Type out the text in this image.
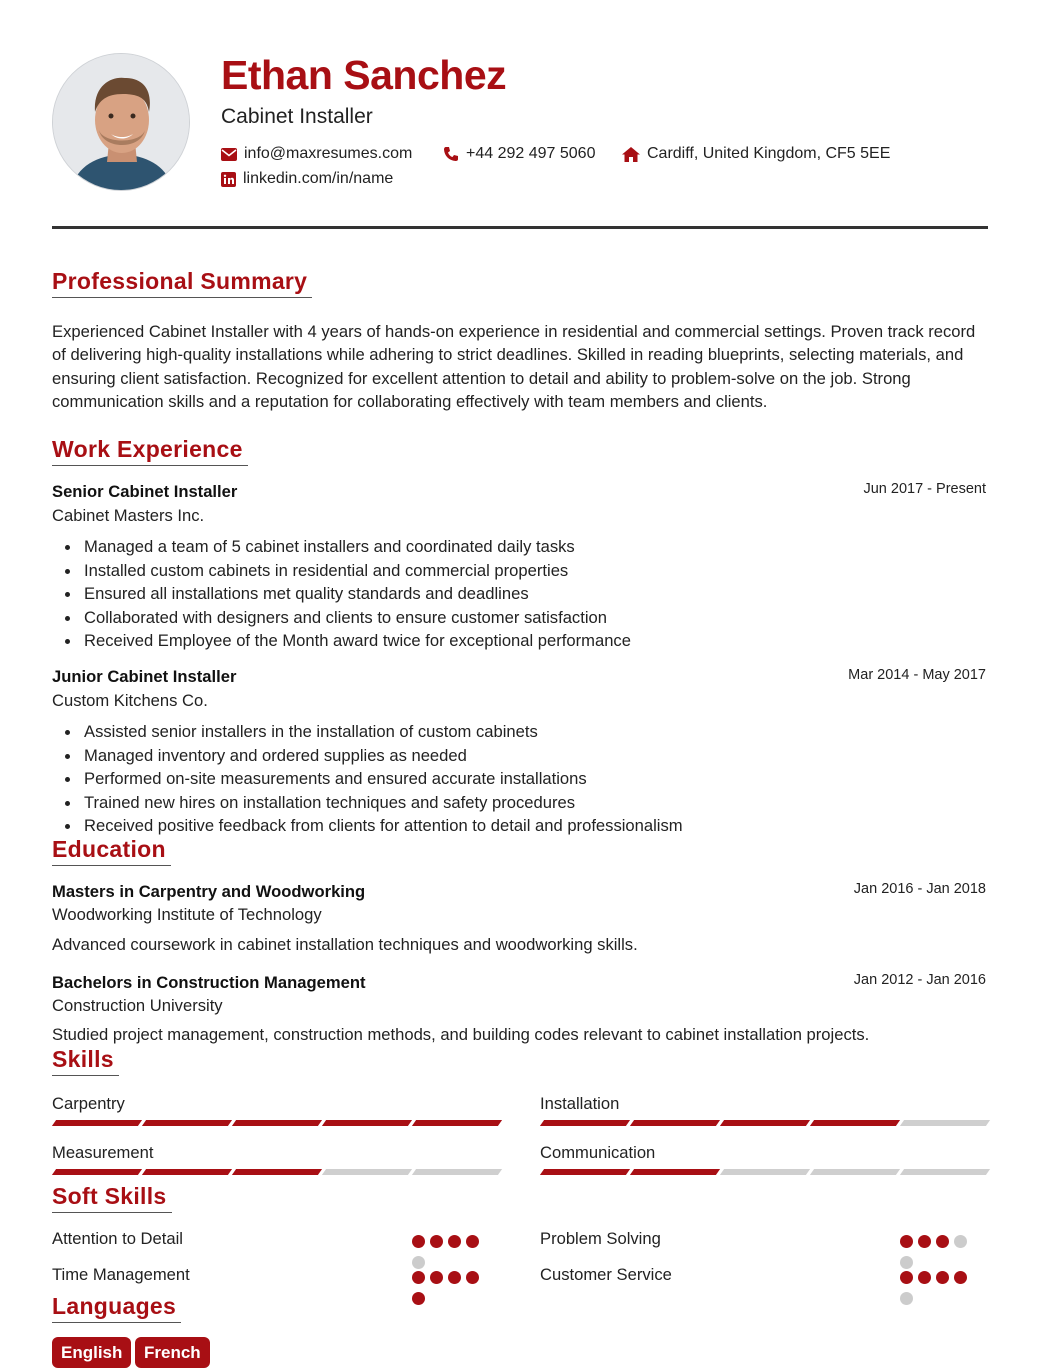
Ethan Sanchez
Cabinet Installer
info@maxresumes.com	+44 292 497 5060	Cardiff, United Kingdom, CF5 5EE
linkedin.com/in/name
Professional Summary
Experienced Cabinet Installer with 4 years of hands-on experience in residential and commercial settings. Proven track record of delivering high-quality installations while adhering to strict deadlines. Skilled in reading blueprints, selecting materials, and ensuring client satisfaction. Recognized for excellent attention to detail and ability to problem-solve on the job. Strong communication skills and a reputation for collaborating effectively with team members and clients.
Work Experience
Senior Cabinet Installer	Jun 2017 - Present
Cabinet Masters Inc.
Managed a team of 5 cabinet installers and coordinated daily tasks
Installed custom cabinets in residential and commercial properties
Ensured all installations met quality standards and deadlines
Collaborated with designers and clients to ensure customer satisfaction
Received Employee of the Month award twice for exceptional performance
Junior Cabinet Installer	Mar 2014 - May 2017
Custom Kitchens Co.
Assisted senior installers in the installation of custom cabinets
Managed inventory and ordered supplies as needed
Performed on-site measurements and ensured accurate installations
Trained new hires on installation techniques and safety procedures
Received positive feedback from clients for attention to detail and professionalism
Education
Masters in Carpentry and Woodworking	Jan 2016 - Jan 2018
Woodworking Institute of Technology
Advanced coursework in cabinet installation techniques and woodworking skills.
Bachelors in Construction Management	Jan 2012 - Jan 2016
Construction University
Studied project management, construction methods, and building codes relevant to cabinet installation projects.
Skills
Carpentry	Installation
Measurement	Communication
Soft Skills
Attention to Detail	Problem Solving
Time Management	Customer Service
Languages
English	French
